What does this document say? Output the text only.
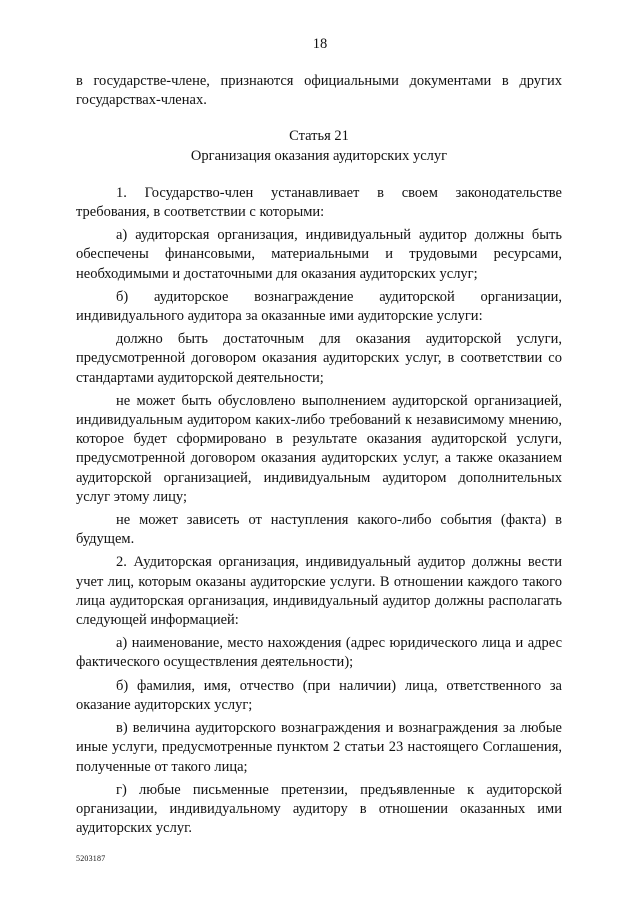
18

в государстве-члене, признаются официальными документами в других государствах-членах.

Статья 21
Организация оказания аудиторских услуг

1. Государство-член устанавливает в своем законодательстве требования, в соответствии с которыми:

а) аудиторская организация, индивидуальный аудитор должны быть обеспечены финансовыми, материальными и трудовыми ресурсами, необходимыми и достаточными для оказания аудиторских услуг;

б) аудиторское вознаграждение аудиторской организации, индивидуального аудитора за оказанные ими аудиторские услуги:

должно быть достаточным для оказания аудиторской услуги, предусмотренной договором оказания аудиторских услуг, в соответствии со стандартами аудиторской деятельности;

не может быть обусловлено выполнением аудиторской организацией, индивидуальным аудитором каких-либо требований к независимому мнению, которое будет сформировано в результате оказания аудиторской услуги, предусмотренной договором оказания аудиторских услуг, а также оказанием аудиторской организацией, индивидуальным аудитором дополнительных услуг этому лицу;

не может зависеть от наступления какого-либо события (факта) в будущем.

2. Аудиторская организация, индивидуальный аудитор должны вести учет лиц, которым оказаны аудиторские услуги. В отношении каждого такого лица аудиторская организация, индивидуальный аудитор должны располагать следующей информацией:

а) наименование, место нахождения (адрес юридического лица и адрес фактического осуществления деятельности);

б) фамилия, имя, отчество (при наличии) лица, ответственного за оказание аудиторских услуг;

в) величина аудиторского вознаграждения и вознаграждения за любые иные услуги, предусмотренные пунктом 2 статьи 23 настоящего Соглашения, полученные от такого лица;

г) любые письменные претензии, предъявленные к аудиторской организации, индивидуальному аудитору в отношении оказанных ими аудиторских услуг.

5203187
